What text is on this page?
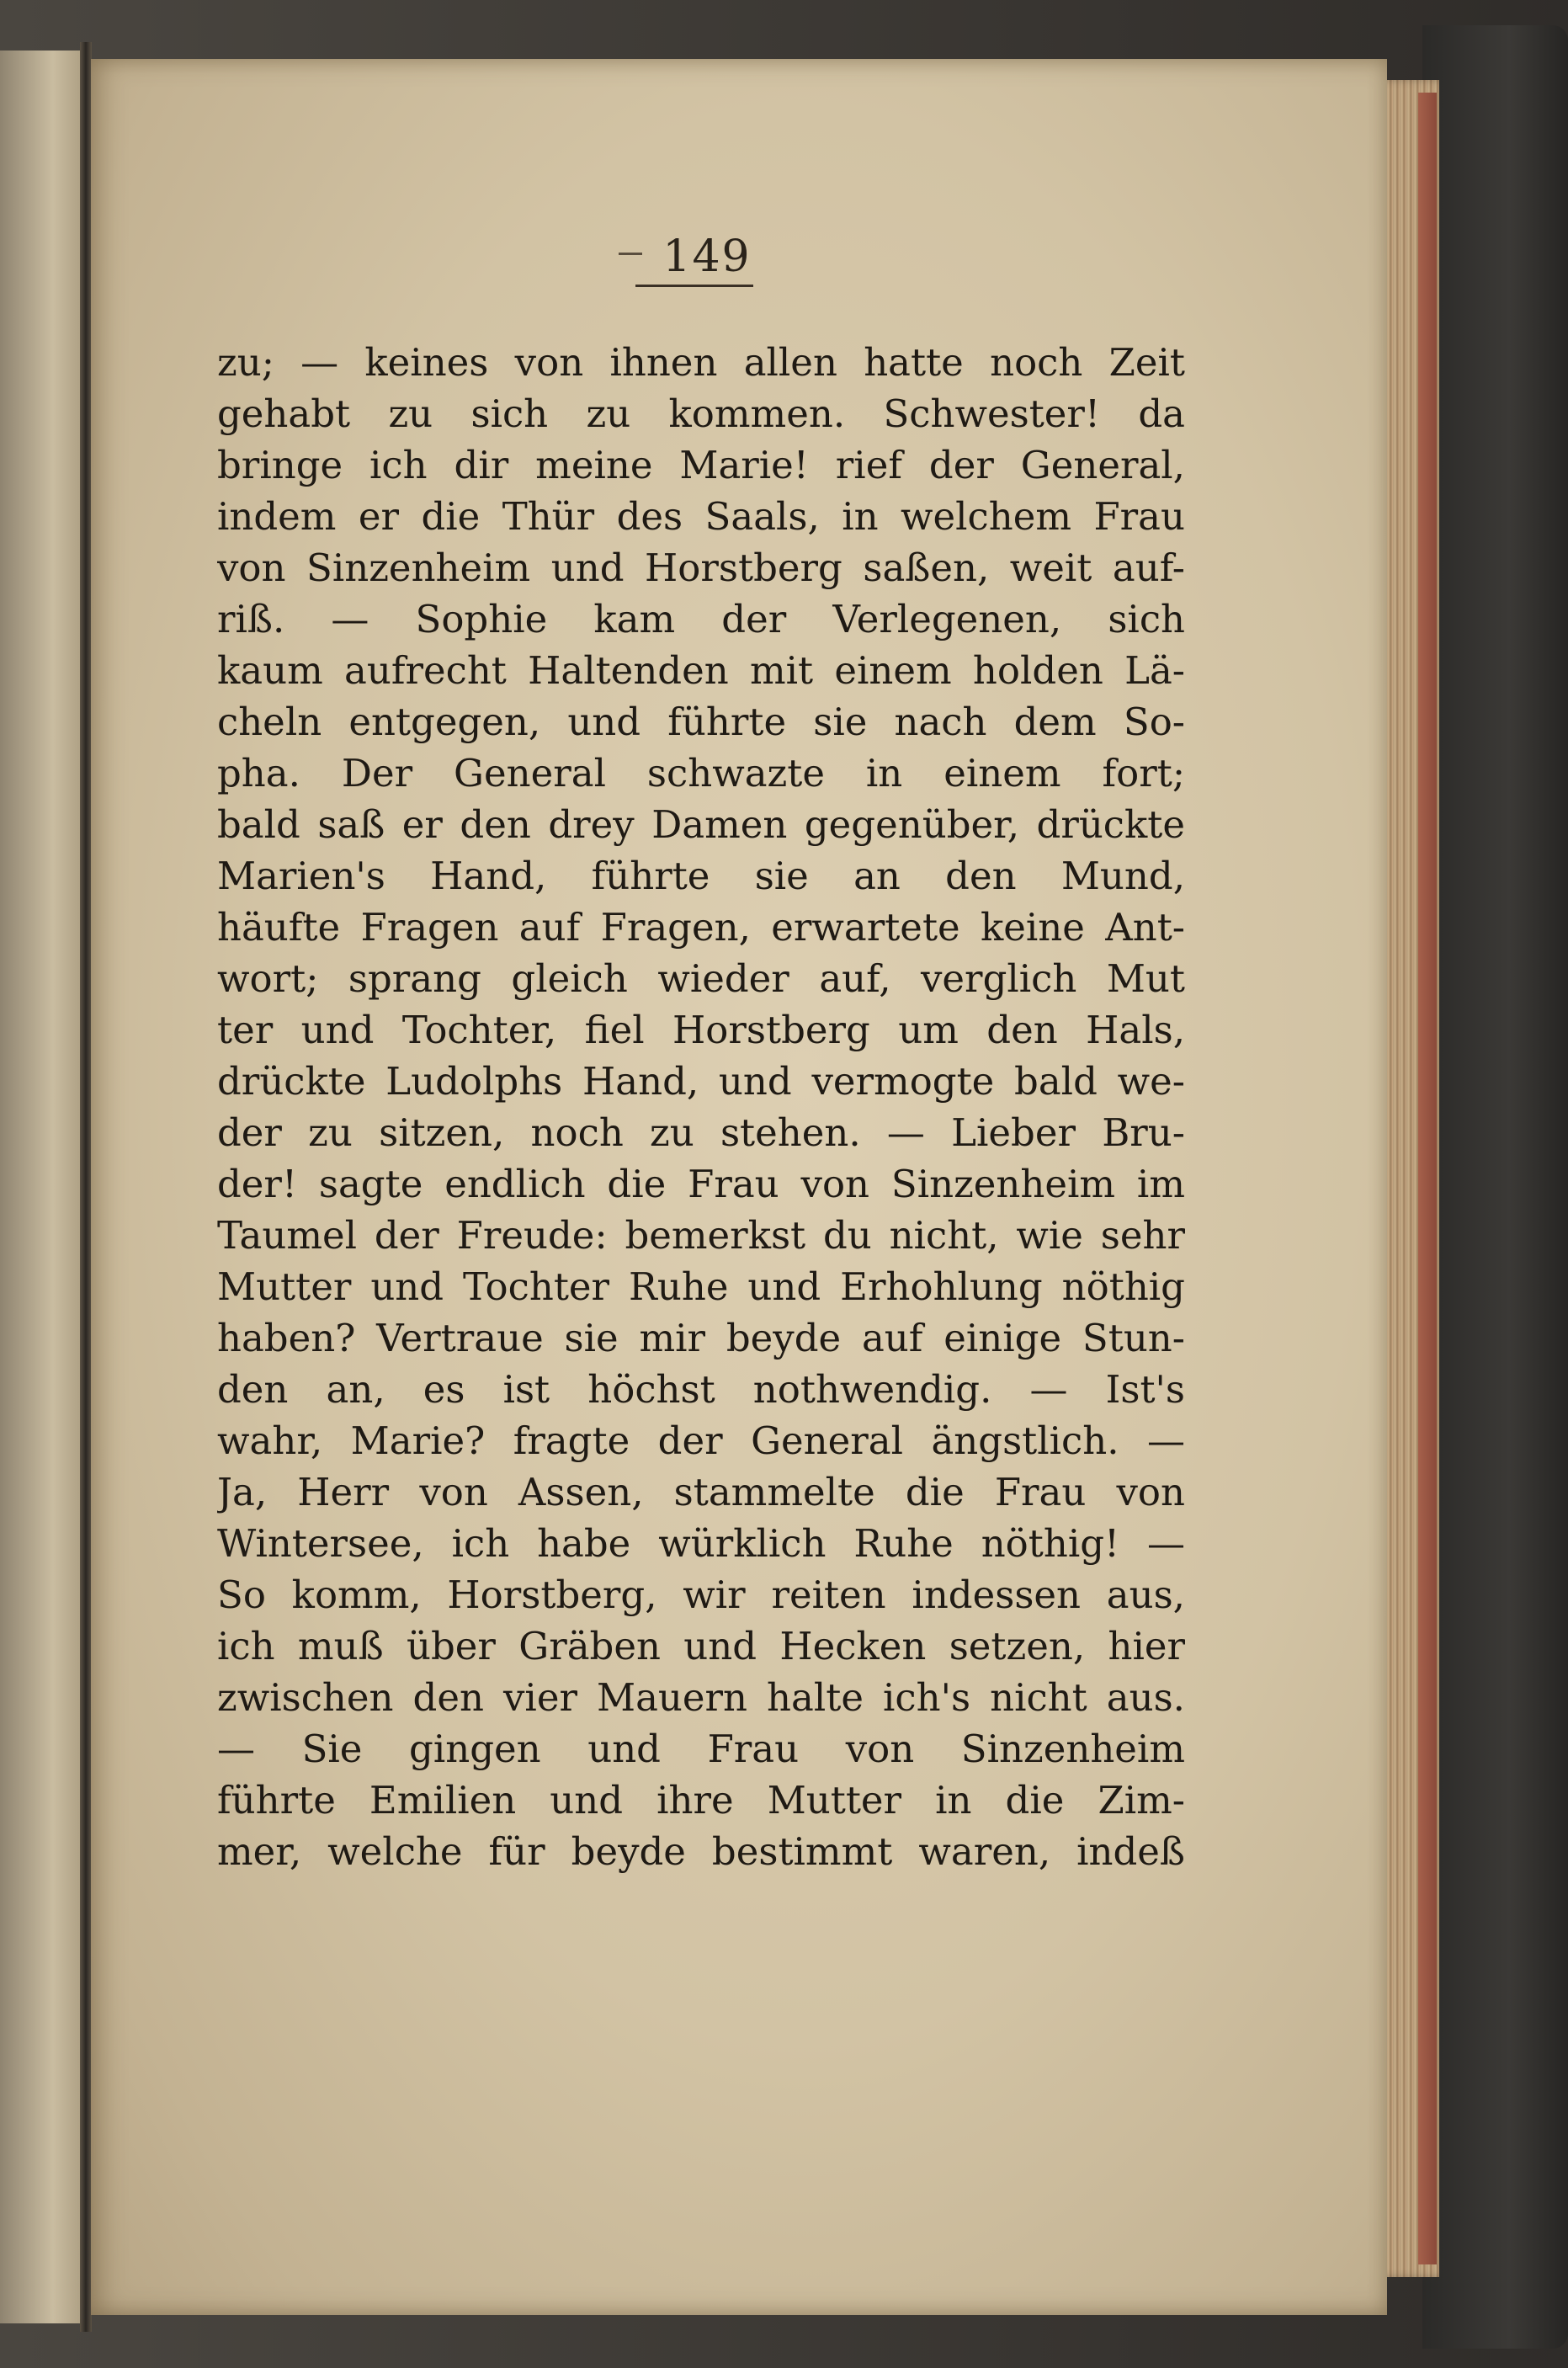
149
zu; — keines von ihnen allen hatte noch Zeit
gehabt zu sich zu kommen. Schwester! da
bringe ich dir meine Marie! rief der General,
indem er die Thür des Saals, in welchem Frau
von Sinzenheim und Horstberg saßen, weit auf-
riß. — Sophie kam der Verlegenen, sich
kaum aufrecht Haltenden mit einem holden Lä-
cheln entgegen, und führte sie nach dem So-
pha. Der General schwazte in einem fort;
bald saß er den drey Damen gegenüber, drückte
Marien's Hand, führte sie an den Mund,
häufte Fragen auf Fragen, erwartete keine Ant-
wort; sprang gleich wieder auf, verglich Mut
ter und Tochter, fiel Horstberg um den Hals,
drückte Ludolphs Hand, und vermogte bald we-
der zu sitzen, noch zu stehen. — Lieber Bru-
der! sagte endlich die Frau von Sinzenheim im
Taumel der Freude: bemerkst du nicht, wie sehr
Mutter und Tochter Ruhe und Erhohlung nöthig
haben? Vertraue sie mir beyde auf einige Stun-
den an, es ist höchst nothwendig. — Ist's
wahr, Marie? fragte der General ängstlich. —
Ja, Herr von Assen, stammelte die Frau von
Wintersee, ich habe würklich Ruhe nöthig! —
So komm, Horstberg, wir reiten indessen aus,
ich muß über Gräben und Hecken setzen, hier
zwischen den vier Mauern halte ich's nicht aus.
— Sie gingen und Frau von Sinzenheim
führte Emilien und ihre Mutter in die Zim-
mer, welche für beyde bestimmt waren, indeß
